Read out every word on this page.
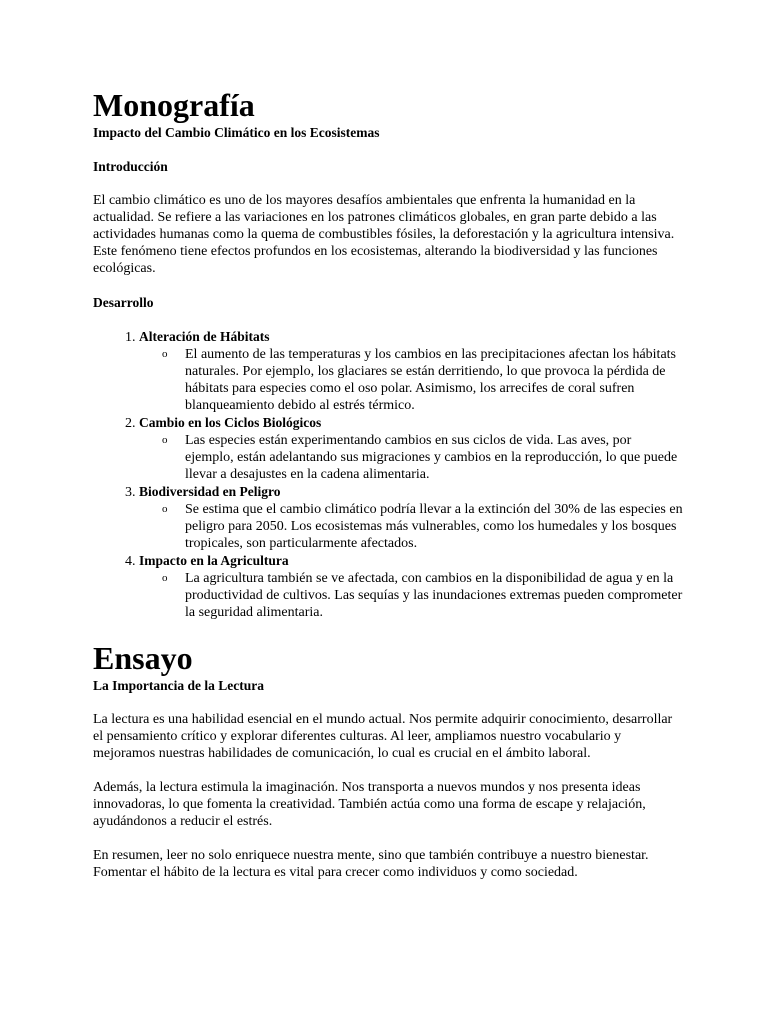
Monografía
Impacto del Cambio Climático en los Ecosistemas
Introducción

El cambio climático es uno de los mayores desafíos ambientales que enfrenta la humanidad en la actualidad. Se refiere a las variaciones en los patrones climáticos globales, en gran parte debido a las actividades humanas como la quema de combustibles fósiles, la deforestación y la agricultura intensiva. Este fenómeno tiene efectos profundos en los ecosistemas, alterando la biodiversidad y las funciones ecológicas.

Desarrollo
1. Alteración de Hábitats
o El aumento de las temperaturas y los cambios en las precipitaciones afectan los hábitats naturales. Por ejemplo, los glaciares se están derritiendo, lo que provoca la pérdida de hábitats para especies como el oso polar. Asimismo, los arrecifes de coral sufren blanqueamiento debido al estrés térmico.
2. Cambio en los Ciclos Biológicos
o Las especies están experimentando cambios en sus ciclos de vida. Las aves, por ejemplo, están adelantando sus migraciones y cambios en la reproducción, lo que puede llevar a desajustes en la cadena alimentaria.
3. Biodiversidad en Peligro
o Se estima que el cambio climático podría llevar a la extinción del 30% de las especies en peligro para 2050. Los ecosistemas más vulnerables, como los humedales y los bosques tropicales, son particularmente afectados.
4. Impacto en la Agricultura
o La agricultura también se ve afectada, con cambios en la disponibilidad de agua y en la productividad de cultivos. Las sequías y las inundaciones extremas pueden comprometer la seguridad alimentaria.
Ensayo
La Importancia de la Lectura

La lectura es una habilidad esencial en el mundo actual. Nos permite adquirir conocimiento, desarrollar el pensamiento crítico y explorar diferentes culturas. Al leer, ampliamos nuestro vocabulario y mejoramos nuestras habilidades de comunicación, lo cual es crucial en el ámbito laboral.

Además, la lectura estimula la imaginación. Nos transporta a nuevos mundos y nos presenta ideas innovadoras, lo que fomenta la creatividad. También actúa como una forma de escape y relajación, ayudándonos a reducir el estrés.

En resumen, leer no solo enriquece nuestra mente, sino que también contribuye a nuestro bienestar. Fomentar el hábito de la lectura es vital para crecer como individuos y como sociedad.
